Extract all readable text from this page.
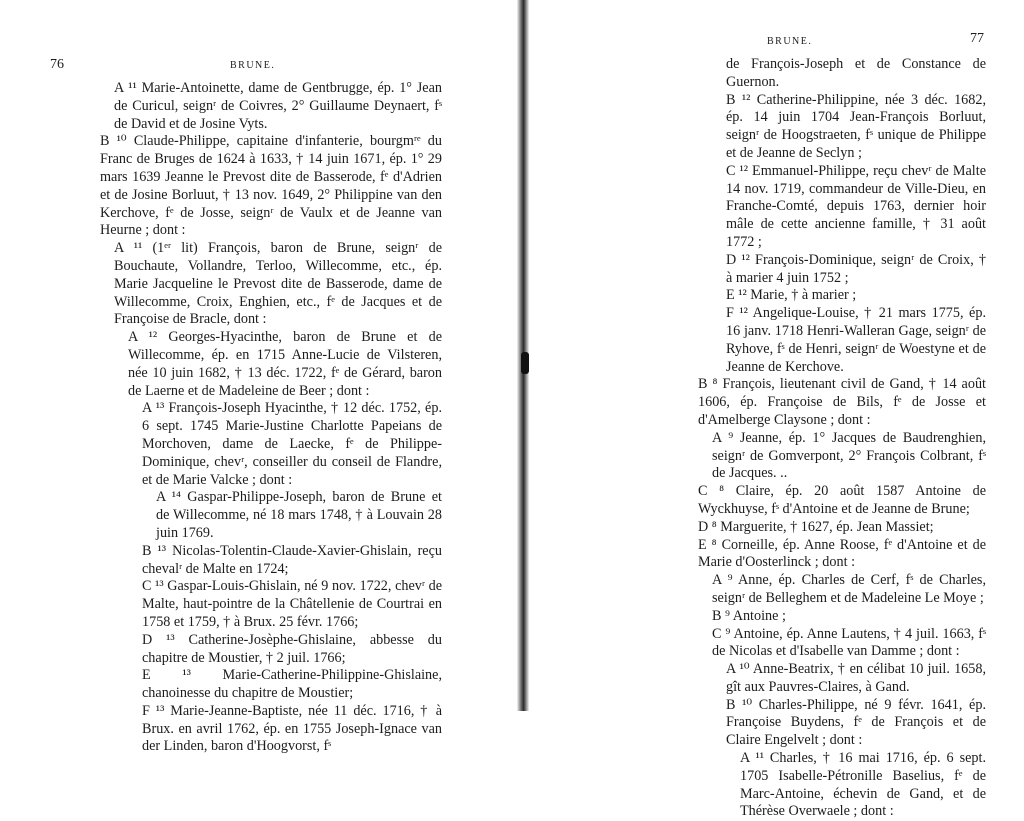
76	BRUNE.

A ¹¹ Marie-Antoinette, dame de Gentbrugge, ép. 1° Jean de Curicul, seignʳ de Coivres, 2° Guillaume Deynaert, fˢ de David et de Josine Vyts.

B ¹⁰ Claude-Philippe, capitaine d'infanterie, bourgmʳᵉ du Franc de Bruges de 1624 à 1633, † 14 juin 1671, ép. 1° 29 mars 1639 Jeanne le Prevost dite de Basserode, fᵉ d'Adrien et de Josine Borluut, † 13 nov. 1649, 2° Philippine van den Kerchove, fᵉ de Josse, seignʳ de Vaulx et de Jeanne van Heurne ; dont :

A ¹¹ (1ᵉʳ lit) François, baron de Brune, seignʳ de Bouchaute, Vollandre, Terloo, Willecomme, etc., ép. Marie Jacqueline le Prevost dite de Basserode, dame de Willecomme, Croix, Enghien, etc., fᵉ de Jacques et de Françoise de Bracle, dont :

A ¹² Georges-Hyacinthe, baron de Brune et de Willecomme, ép. en 1715 Anne-Lucie de Vilsteren, née 10 juin 1682, † 13 déc. 1722, fᵉ de Gérard, baron de Laerne et de Madeleine de Beer ; dont :

A ¹³ François-Joseph Hyacinthe, † 12 déc. 1752, ép. 6 sept. 1745 Marie-Justine Charlotte Papeians de Morchoven, dame de Laecke, fᵉ de Philippe-Dominique, chevʳ, conseiller du conseil de Flandre, et de Marie Valcke ; dont :

A ¹⁴ Gaspar-Philippe-Joseph, baron de Brune et de Willecomme, né 18 mars 1748, † à Louvain 28 juin 1769.

B ¹³ Nicolas-Tolentin-Claude-Xavier-Ghislain, reçu chevalʳ de Malte en 1724;

C ¹³ Gaspar-Louis-Ghislain, né 9 nov. 1722, chevʳ de Malte, haut-pointre de la Châtellenie de Courtrai en 1758 et 1759, † à Brux. 25 févr. 1766;

D ¹³ Catherine-Josèphe-Ghislaine, abbesse du chapitre de Moustier, † 2 juil. 1766;

E ¹³ Marie-Catherine-Philippine-Ghislaine, chanoinesse du chapitre de Moustier;

F ¹³ Marie-Jeanne-Baptiste, née 11 déc. 1716, † à Brux. en avril 1762, ép. en 1755 Joseph-Ignace van der Linden, baron d'Hoogvorst, fˢ

BRUNE.	77

de François-Joseph et de Constance de Guernon.

B ¹² Catherine-Philippine, née 3 déc. 1682, ép. 14 juin 1704 Jean-François Borluut, seignʳ de Hoogstraeten, fˢ unique de Philippe et de Jeanne de Seclyn ;

C ¹² Emmanuel-Philippe, reçu chevʳ de Malte 14 nov. 1719, commandeur de Ville-Dieu, en Franche-Comté, depuis 1763, dernier hoir mâle de cette ancienne famille, † 31 août 1772 ;

D ¹² François-Dominique, seignʳ de Croix, † à marier 4 juin 1752 ;

E ¹² Marie, † à marier ;

F ¹² Angelique-Louise, † 21 mars 1775, ép. 16 janv. 1718 Henri-Walleran Gage, seignʳ de Ryhove, fˢ de Henri, seignʳ de Woestyne et de Jeanne de Kerchove.

B ⁸ François, lieutenant civil de Gand, † 14 août 1606, ép. Françoise de Bils, fᵉ de Josse et d'Amelberge Claysone ; dont :

A ⁹ Jeanne, ép. 1° Jacques de Baudrenghien, seignʳ de Gomverpont, 2° François Colbrant, fˢ de Jacques. ..

C ⁸ Claire, ép. 20 août 1587 Antoine de Wyckhuyse, fˢ d'Antoine et de Jeanne de Brune;

D ⁸ Marguerite, † 1627, ép. Jean Massiet;

E ⁸ Corneille, ép. Anne Roose, fᵉ d'Antoine et de Marie d'Oosterlinck ; dont :

A ⁹ Anne, ép. Charles de Cerf, fˢ de Charles, seignʳ de Belleghem et de Madeleine Le Moye ;

B ⁹ Antoine ;

C ⁹ Antoine, ép. Anne Lautens, † 4 juil. 1663, fˢ de Nicolas et d'Isabelle van Damme ; dont :

A ¹⁰ Anne-Beatrix, † en célibat 10 juil. 1658, gît aux Pauvres-Claires, à Gand.

B ¹⁰ Charles-Philippe, né 9 févr. 1641, ép. Françoise Buydens, fᵉ de François et de Claire Engelvelt ; dont :

A ¹¹ Charles, † 16 mai 1716, ép. 6 sept. 1705 Isabelle-Pétronille Baselius, fᵉ de Marc-Antoine, échevin de Gand, et de Thérèse Overwaele ; dont :
